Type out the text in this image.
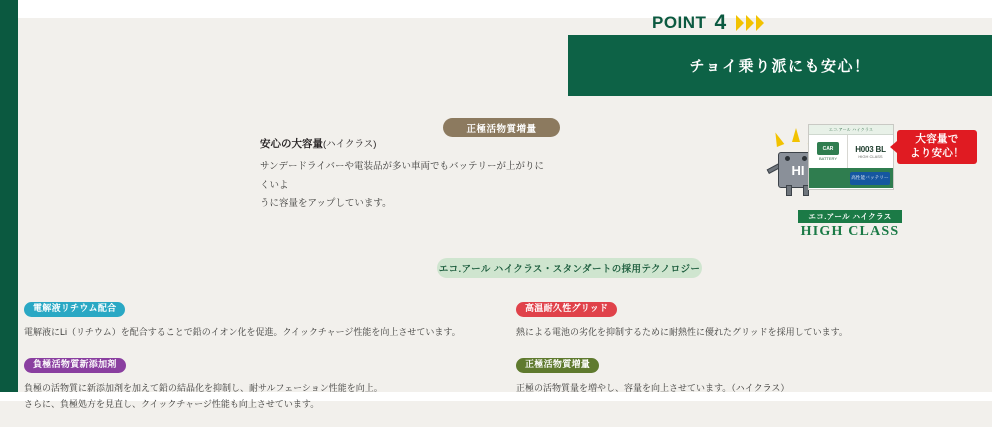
POINT 4
チョイ乗り派にも安心！
正極活物質増量
安心の大容量(ハイクラス)
サンデードライバーや電装品が多い車両でもバッテリーが上がりにくいよ
うに容量をアップしています。
エコ.アール ハイクラス・スタンダートの採用テクノロジー
電解液リチウム配合
電解液にLi（リチウム）を配合することで鉛のイオン化を促進。クイックチャージ性能を向上させています。
負極活物質新添加剤
負極の活物質に新添加剤を加えて鉛の結晶化を抑制し、耐サルフェーション性能を向上。
さらに、負極処方を見直し、クイックチャージ性能も向上させています。
高温耐久性グリッド
熱による電池の劣化を抑制するために耐熱性に優れたグリッドを採用しています。
正極活物質増量
正極の活物質量を増やし、容量を向上させています。（ハイクラス）
HI
エコ.アール ハイクラス
CAR
BATTERY
H003 BL
HIGH CLASS
高性能バッテリー
大容量で
より安心！
エコ.アール ハイクラス
HIGH CLASS
